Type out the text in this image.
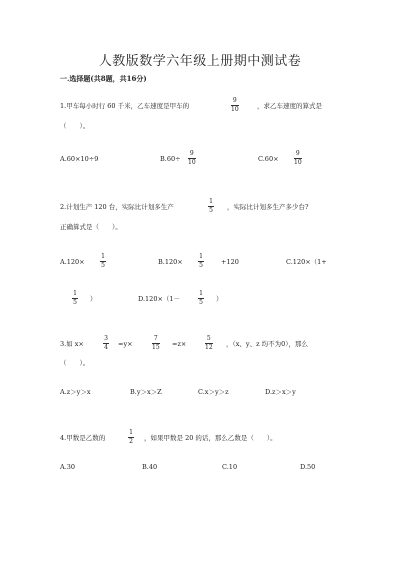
人教版数学六年级上册期中测试卷
一.选择题(共8题，共16分)
1.甲车每小时行 60 千米，乙车速度是甲车的
9
10	，求乙车速度的算式是
（　　）。
A.60×10÷9	B.60÷
9
10	C.60×
9
10
2.计划生产 120 台，实际比计划多生产
1
5 ，实际比计划多生产多少台?
正确算式是（　　）。
A.120×
1
5	B.120×
1
5	+120	C.120×（1+
1
5 ）	D.120×（1－
1
5 ）
3.如 x×
3
4 =y×
7
15 =z×
5
12 ，（x、y、z 均不为0），那么
（　　）。
A.z＞y＞x	B.y＞x＞Z	C.x＞y＞z	D.z＞x＞y
4.甲数是乙数的
1
2 ，如果甲数是 20 的话，那么乙数是（　　）。
A.30	B.40	C.10	D.50
